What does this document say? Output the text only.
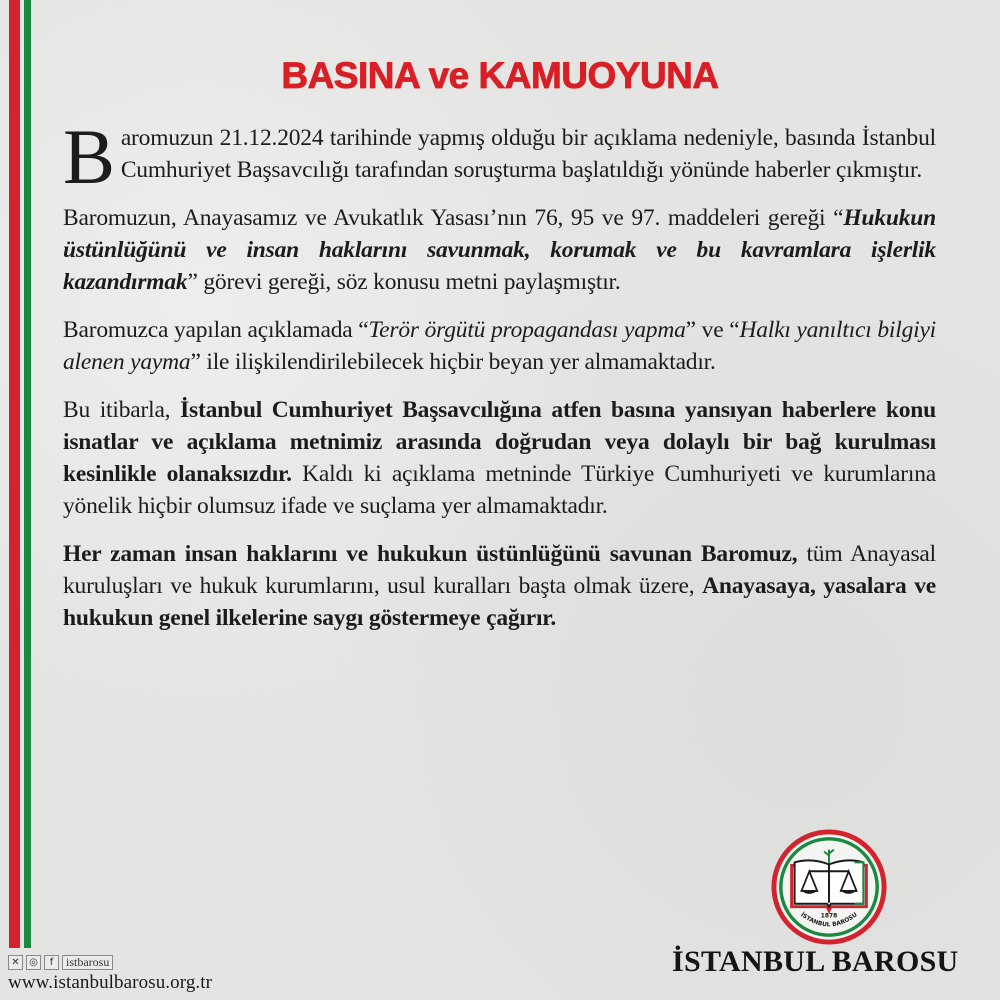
BASINA ve KAMUOYUNA

Baromuzun 21.12.2024 tarihinde yapmış olduğu bir açıklama nedeniyle, basında İstanbul Cumhuriyet Başsavcılığı tarafından soruşturma başlatıldığı yönünde haberler çıkmıştır.

Baromuzun, Anayasamız ve Avukatlık Yasası’nın 76, 95 ve 97. maddeleri gereği “Hukukun üstünlüğünü ve insan haklarını savunmak, korumak ve bu kavramlara işlerlik kazandırmak” görevi gereği, söz konusu metni paylaşmıştır.

Baromuzca yapılan açıklamada “Terör örgütü propagandası yapma” ve “Halkı yanıltıcı bilgiyi alenen yayma” ile ilişkilendirilebilecek hiçbir beyan yer almamaktadır.

Bu itibarla, İstanbul Cumhuriyet Başsavcılığına atfen basına yansıyan haberlere konu isnatlar ve açıklama metnimiz arasında doğrudan veya dolaylı bir bağ kurulması kesinlikle olanaksızdır. Kaldı ki açıklama metninde Türkiye Cumhuriyeti ve kurumlarına yönelik hiçbir olumsuz ifade ve suçlama yer almamaktadır.

Her zaman insan haklarını ve hukukun üstünlüğünü savunan Baromuz, tüm Anayasal kuruluşları ve hukuk kurumlarını, usul kuralları başta olmak üzere, Anayasaya, yasalara ve hukukun genel ilkelerine saygı göstermeye çağırır.

1878
İSTANBUL BAROSU
İSTANBUL BAROSU
✕ ◎	f	istbarosu
www.istanbulbarosu.org.tr
